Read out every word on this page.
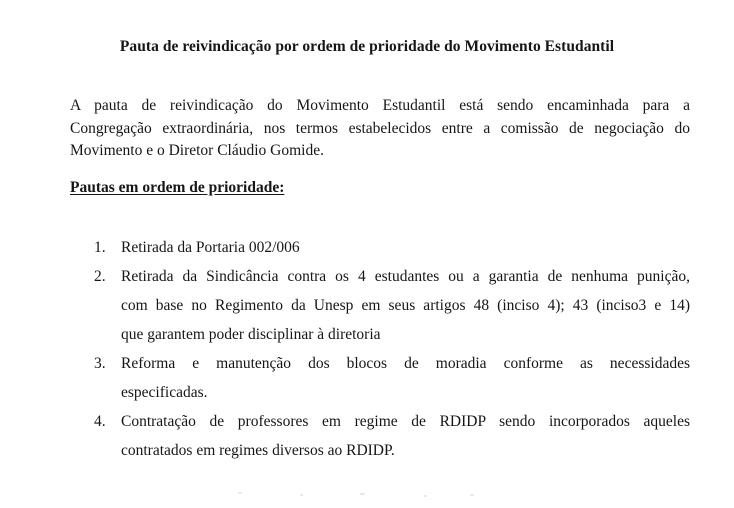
Pauta de reivindicação por ordem de prioridade do Movimento Estudantil
A pauta de reivindicação do Movimento Estudantil está sendo encaminhada para a
Congregação extraordinária, nos termos estabelecidos entre a comissão de negociação do
Movimento e o Diretor Cláudio Gomide.
Pautas em ordem de prioridade:
1. Retirada da Portaria 002/006
2. Retirada da Sindicância contra os 4 estudantes ou a garantia de nenhuma punição,
com base no Regimento da Unesp em seus artigos 48 (inciso 4); 43 (inciso3 e 14)
que garantem poder disciplinar à diretoria
3. Reforma e manutenção dos blocos de moradia conforme as necessidades
especificadas.
4. Contratação de professores em regime de RDIDP sendo incorporados aqueles
contratados em regimes diversos ao RDIDP.
